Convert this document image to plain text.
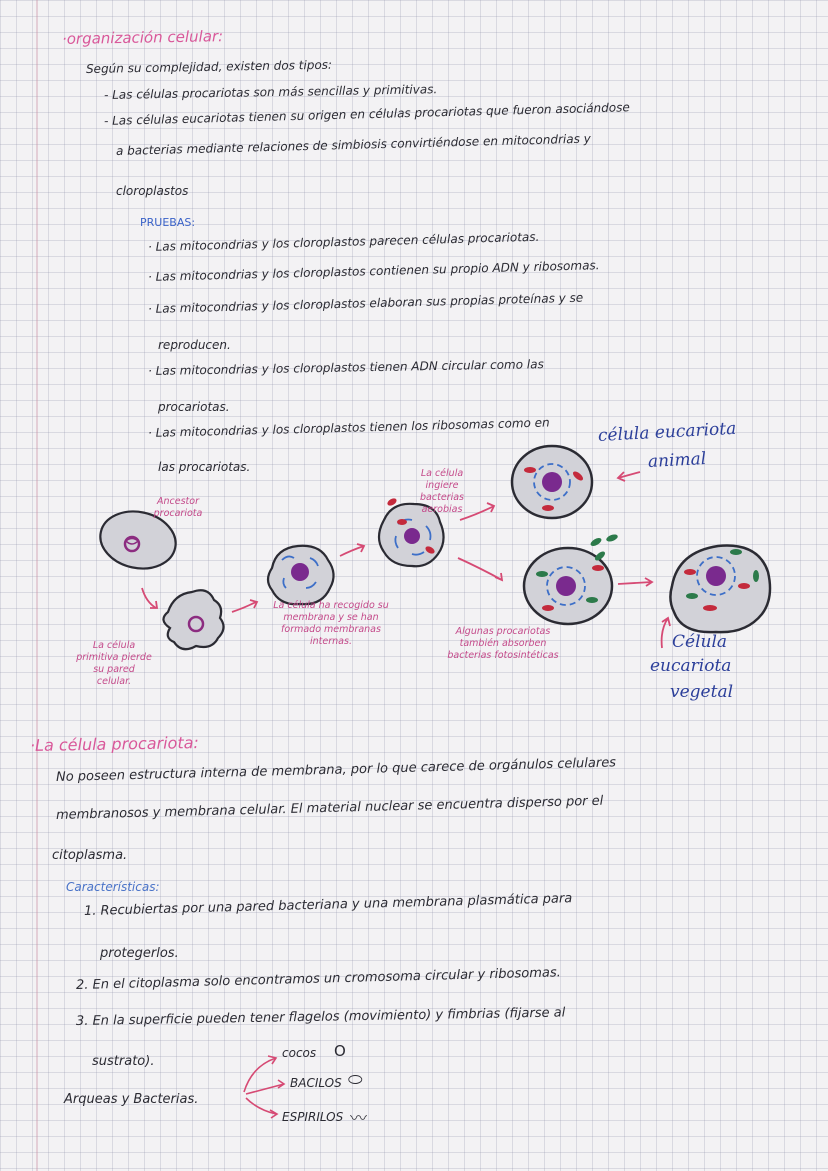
·organización celular:
Según su complejidad, existen dos tipos:
- Las células procariotas son más sencillas y primitivas.
- Las células eucariotas tienen su origen en células procariotas que fueron asociándose
a bacterias mediante relaciones de simbiosis convirtiéndose en mitocondrias y
cloroplastos
PRUEBAS:
· Las mitocondrias y los cloroplastos parecen células procariotas.
· Las mitocondrias y los cloroplastos contienen su propio ADN y ribosomas.
· Las mitocondrias y los cloroplastos elaboran sus propias proteínas y se
reproducen.
· Las mitocondrias y los cloroplastos tienen ADN circular como las
procariotas.
· Las mitocondrias y los cloroplastos tienen los ribosomas como en
las procariotas.
Ancestor procariota
La célula primitiva pierde su pared celular.
La célula ha recogido su membrana y se han formado membranas internas.
La célula ingiere bacterias aerobias
Algunas procariotas también absorben bacterias fotosintéticas
célula eucariota
animal
Célula
eucariota
vegetal
·La célula procariota:
No poseen estructura interna de membrana, por lo que carece de orgánulos celulares
membranosos y membrana celular. El material nuclear se encuentra disperso por el
citoplasma.
Características:
1. Recubiertas por una pared bacteriana y una membrana plasmática para
protegerlos.
2. En el citoplasma solo encontramos un cromosoma circular y ribosomas.
3. En la superficie pueden tener flagelos (movimiento) y fimbrias (fijarse al
sustrato).
Arqueas y Bacterias.
cocos O
BACILOS ⬭
ESPIRILOS 〰
